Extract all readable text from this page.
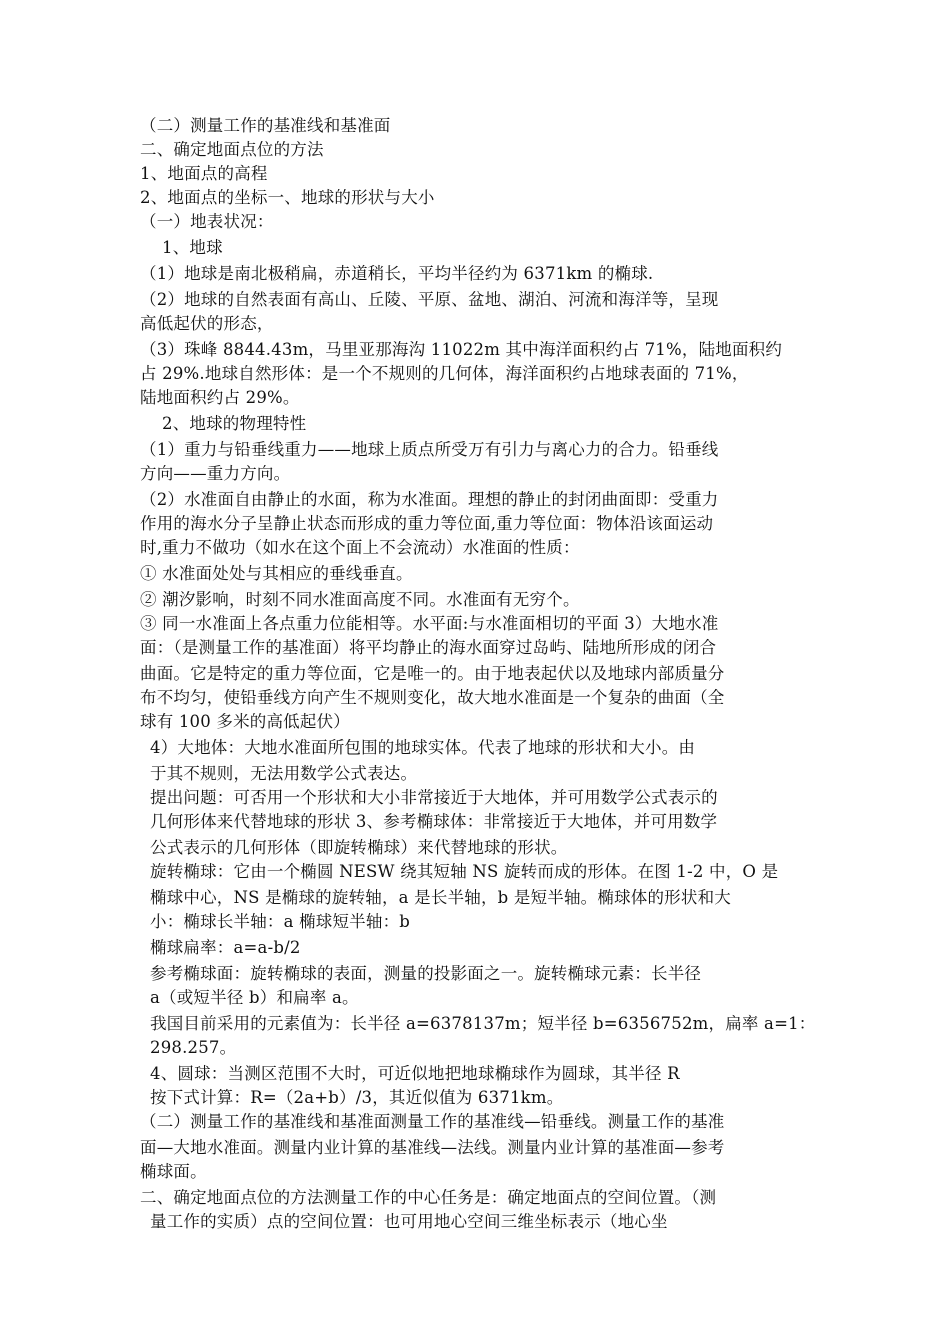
（二）测量工作的基准线和基准面
二、确定地面点位的方法
1、地面点的高程
2、地面点的坐标一、地球的形状与大小
（一）地表状况：
1、地球
（1）地球是南北极稍扁，赤道稍长，平均半径约为 6371km 的椭球.
（2）地球的自然表面有高山、丘陵、平原、盆地、湖泊、河流和海洋等，呈现
高低起伏的形态，
（3）珠峰 8844.43m，马里亚那海沟 11022m 其中海洋面积约占 71%，陆地面积约
占 29%.地球自然形体：是一个不规则的几何体，海洋面积约占地球表面的 71%，
陆地面积约占 29%。
2、地球的物理特性
（1）重力与铅垂线重力——地球上质点所受万有引力与离心力的合力。铅垂线
方向——重力方向。
（2）水准面自由静止的水面，称为水准面。理想的静止的封闭曲面即：受重力
作用的海水分子呈静止状态而形成的重力等位面,重力等位面：物体沿该面运动
时,重力不做功（如水在这个面上不会流动）水准面的性质：
① 水准面处处与其相应的垂线垂直。
② 潮汐影响，时刻不同水准面高度不同。水准面有无穷个。
③ 同一水准面上各点重力位能相等。水平面:与水准面相切的平面 3）大地水准
面：（是测量工作的基准面）将平均静止的海水面穿过岛屿、陆地所形成的闭合
曲面。它是特定的重力等位面，它是唯一的。由于地表起伏以及地球内部质量分
布不均匀，使铅垂线方向产生不规则变化，故大地水准面是一个复杂的曲面（全
球有 100 多米的高低起伏）
4）大地体：大地水准面所包围的地球实体。代表了地球的形状和大小。由
于其不规则，无法用数学公式表达。
提出问题：可否用一个形状和大小非常接近于大地体，并可用数学公式表示的
几何形体来代替地球的形状 3、参考椭球体：非常接近于大地体，并可用数学
公式表示的几何形体（即旋转椭球）来代替地球的形状。
旋转椭球：它由一个椭圆 NESW 绕其短轴 NS 旋转而成的形体。在图 1-2 中，O 是
椭球中心，NS 是椭球的旋转轴，a 是长半轴，b 是短半轴。椭球体的形状和大
小：椭球长半轴：a 椭球短半轴：b
椭球扁率：a=a-b/2
参考椭球面：旋转椭球的表面，测量的投影面之一。旋转椭球元素：长半径
a（或短半径 b）和扁率 a。
我国目前采用的元素值为：长半径 a=6378137m；短半径 b=6356752m，扁率 a=1：
298.257。
4、圆球：当测区范围不大时，可近似地把地球椭球作为圆球，其半径 R
按下式计算：R=（2a+b）/3，其近似值为 6371km。
（二）测量工作的基准线和基准面测量工作的基准线—铅垂线。测量工作的基准
面—大地水准面。测量内业计算的基准线—法线。测量内业计算的基准面—参考
椭球面。
二、确定地面点位的方法测量工作的中心任务是：确定地面点的空间位置。（测
量工作的实质）点的空间位置：也可用地心空间三维坐标表示（地心坐
